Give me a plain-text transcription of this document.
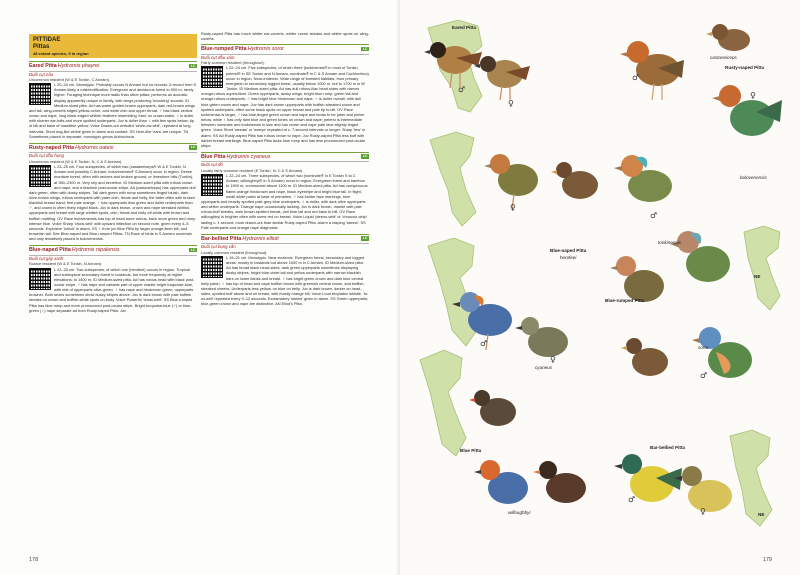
PITTIDAE
Pittas
48 extant species, 9 in region
Eared Pitta Hydrornis phayrei	LC
Đuôi cụt nâu
Uncommon resident (W & E Tonkin, C Annam).
L 20–24 cm. Monotypic. Probably occurs N Annam but no records. A record from S Annam likely a misidentification. Evergreen and deciduous forest to 900 m, rarely higher. Foraging technique more static than other pittas; performs an acoustic display apparently unique in family, with wings producing 'knocking' sounds. ID Medium-sized pitta. Ad has warm golden-brown upperparts, dark red-brown wings and tail, wing-coverts edged yellow-ochre, and white chin and upper throat. ♂ has black central crown and nape, long black-edged whitish feathers resembling 'ears' on crown-sides. ♀ is duller with shorter ear-tufts and more spotted underparts. Juv is duller than ♀ with few spots below; tip of bill and base of mandible yellow. Voice Drawn-out whistled 'whee-ow-whit', repeated at long intervals. Short dog-like whine given in alarm and contact. SS Horn-like 'ears' are unique. TN Sometimes placed in separate, monotypic genus Anthocincla
Rusty-naped Pitta Hydrornis oatesi	LC
Đuôi cụt đầu hung
Uncommon resident (W & E Tonkin, N, C & S Annam).
L 23–25 cm. Four subspecies, of which two (castaneiceps® W & E Tonkin, N Annam and possibly C Annam; bolovenensis® S Annam) occur in region. Dense montane forest, often with ravines and broken ground, or limestone hills (Tonkin), at 350–2300 m. Very shy and secretive. ID Medium-sized pitta with rufous crown and nape, and a blackish post-ocular stripe. Ad (castaneiceps) has upperparts dull dark green, often with dusky stripes. Tail dark green with rump sometimes tinged bluish, dark olive-brown wings, rufous underparts with paler chin, throat and belly, the latter often with broken blackish breast band; feet pale orange. ♀ has upperparts less green and duller underparts than ♂, and crown is often finely edged black. Juv is dark brown, crown and nape streaked whitish, upperparts and breast with large whitish spots, chin, throat and belly off-white with brown and buffish mottling. GV Race bolovenensis has top of head more rufous, back more green and rump intense blue. Voice Sharp 'chow-whit' with upward inflection on second note, given every 4–5 seconds. Explosive 'tchick' in alarm. SS ♀ from juv Blue Pitta by larger orange-flesh bill, and brownish tail. See Blue-naped and Blue-rumped Pittas. TN Race of birds in S Annam uncertain and only tentatively placed in bolovenensis.
Blue-naped Pitta Hydrornis nipalensis	LC
Đuôi cụt gáy xanh
Scarce resident (W & E Tonkin, N Annam).
L 22–25 cm. Two subspecies, of which one (hendeei) occurs in region. Tropical and subtropical secondary forest in lowlands, but more frequently at higher elevations, to 1400 m. ID Medium-sized pitta. Ad has rufous head with black post-ocular stripe. ♂ has nape and variable part of upper mantle bright turquoise-blue, with rest of upperparts olive-green. ♀ has nape and hindcrown green, upperparts browner. Both sexes sometimes show dusky stripes above. Juv is dark brown with pale buffish streaks on crown and buffish-white spots on body. Voice Powerful 'chow-whit'. SS Blue-rumped Pitta has blue rump and more pronounced post-ocular stripe. Bright turquoise-blue (♂) or blue-green (♀) nape separate ad from Rusty-naped Pitta. Juv
Rusty-naped Pitta has much whiter ear-coverts, whiter crown streaks and whiter spots on wing-coverts.
Blue-rumped Pitta Hydrornis soror	LC
Đuôi cụt đầu xám
Fairly common resident (throughout).
L 22–24 cm. Five subspecies, of which three (tonkinensis® in most of Tonkin, petersi® in SE Tonkin and N Annam, nominate® in C & S Annam and Cochinchina) occur in region. Near-endemic. Wide range of forested habitats, from primary evergreen to secondary logged forest, usually below 1000 m, but to 1700 m in W Tonkin. ID Medium-sized pitta. Ad has dull rufous-lilac head-sides with narrow orange-rufous supercilium. Green upperparts, dusky wings, bright blue rump, green tail and orange-rufous underparts. ♂ has bright blue hindcrown and nape. ♀ is duller overall, with dull blue-green crown and nape. Juv has dark brown upperparts with buffish-streaked crown and spotted underparts, often some black spots on upper breast and pale tip to bill. GV Race tonkinensis is larger, ♂ has blue-tinged green crown and nape and tends to be paler and pinker below, while ♀ has only faint blue and green tones on crown and nape; petersi is intermediate between nominate and tonkinensis in size and has crown and nape pale blue slightly tinged green. Voice Short 'weeaw' or 'weeyo' repeated at c. 7-second intervals or longer. Sharp 'tew' in alarm. SS Ad Rusty-naped Pitta has rufous crown to nape. Juv Rusty-naped Pitta less buff with darker breast markings. Blue-naped Pitta lacks blue rump and has less pronounced post-ocular stripe.
Blue Pitta Hydrornis cyaneus	LC
Đuôi cụt đỏ
Locally fairly common resident (E Tonkin, N, C & S Annam).
L 22–24 cm. Three subspecies, of which two (nominate® in E Tonkin S to C Annam; willoughbyi® in S Annam) occur in region. Evergreen forest and bamboo to 1900 m; commonest above 1100 m. ID Medium-sized pitta. Ad has conspicuous flame-orange hindcrown and nape, black eyestripe and bright blue tail. In flight, small white patch at base of primaries. ♂ has bolder face markings, blue upperparts and heavily spotted pale grey-blue underparts. ♀ is duller, with dark olive upperparts and whiter underparts. Orange nape occasionally lacking. Juv is dark brown, mantle with pale rufous-buff streaks, dark brown-spotted breast, dull blue tail and red base to bill. GV Race willoughbyi is brighter often with some red on breast. Voice Liquid 'pleeoo-whit' or 'choocoo-whip' lasting c. 1 second; more drawn-out than similar Rusty-naped Pitta. Alarm a rasping 'skeew'. SS Pale underparts and orange nape diagnostic.
Bar-bellied Pitta Hydrornis ellioti	LC
Đuôi cụt bụng vằn
Locally common resident (throughout).
L 19–21 cm. Monotypic. Near-endemic. Evergreen forest, secondary and logged areas, mostly in lowlands but above 1000 m in C Annam. ID Medium-sized pitta. Ad has broad black head-sides, dark green upperparts sometimes displaying dusky stripes, bright blue-violet tail and yellow underparts with narrow blackish bars on lower flanks and breast. ♂ has bright green crown and dark blue central belly patch. ♀ has top of head and nape buffish brown with greenish central crown, and buffish-streaked cheeks. Underparts less yellow, no blue on belly. Juv is dark brown, darker on head-sides, spotted buff above and on breast, with mostly orange bill. Voice Loud tricyllabic whistle, 'to-wi-whil' repeated every 9–12 seconds. Exclamatory 'skeew' given in alarm. SS Green upperparts, blue-green crown and nape are distinctive. AN Elliot's Pitta.
178
Eared Pitta
castaneiceps
Rusty-naped Pitta
bolovenensis
Blue-naped Pitta
hendeei
tonkinensis
Blue-rumped Pitta
soror
cyaneus
Blue Pitta
willoughbyi
Bar-bellied Pitta
NE
NE
♂
♀
♂
♀
♀
♂
♂
♂
♀
♂
♀
179
